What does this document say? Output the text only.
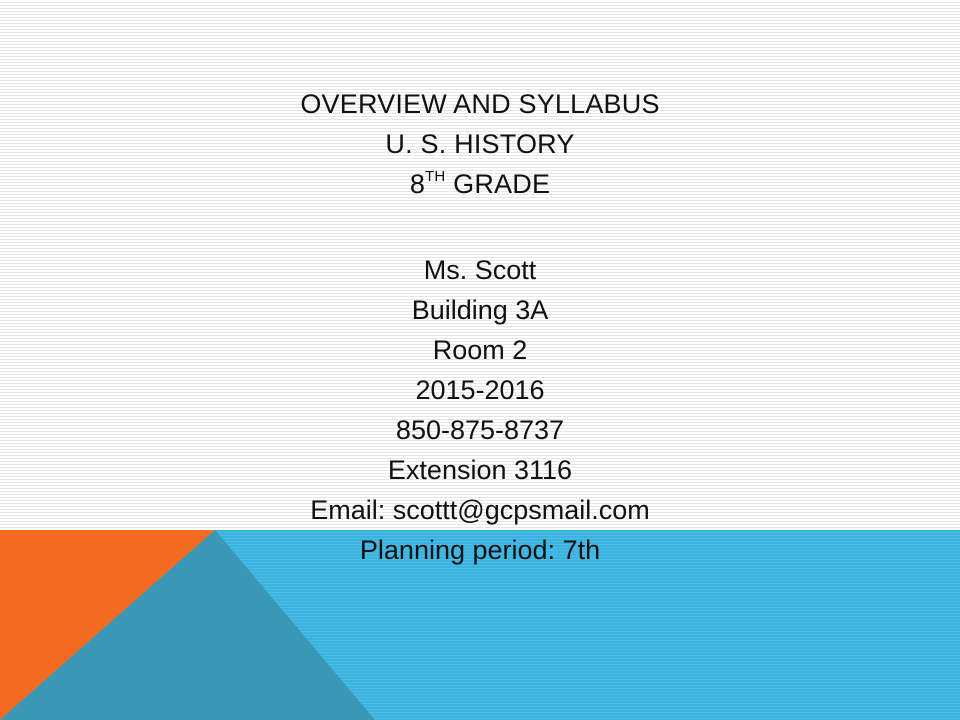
OVERVIEW AND SYLLABUS
U. S. HISTORY
8TH GRADE
Ms. Scott
Building 3A
Room 2
2015-2016
850-875-8737
Extension 3116
Email: scottt@gcpsmail.com
Planning period: 7th
